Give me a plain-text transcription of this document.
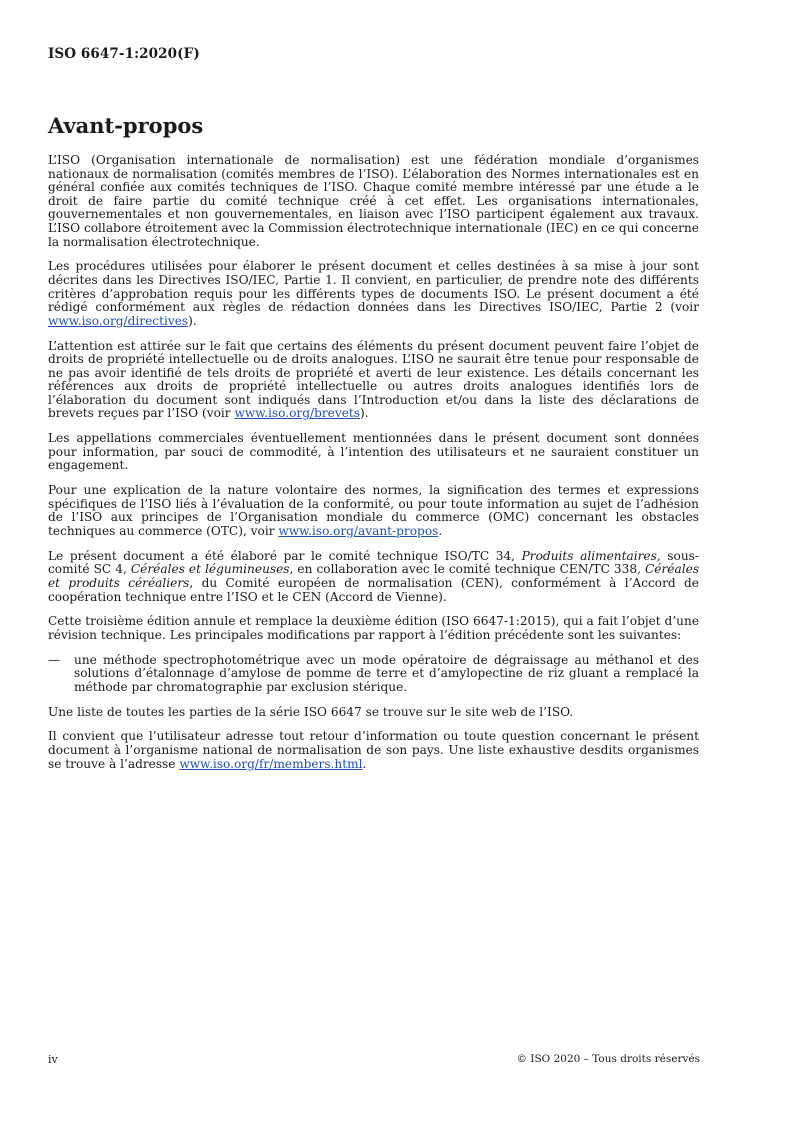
ISO 6647-1:2020(F)
Avant-propos

L’ISO (Organisation internationale de normalisation) est une fédération mondiale d’organismes nationaux de normalisation (comités membres de l’ISO). L’élaboration des Normes internationales est en général confiée aux comités techniques de l’ISO. Chaque comité membre intéressé par une étude a le droit de faire partie du comité technique créé à cet effet. Les organisations internationales, gouvernementales et non gouvernementales, en liaison avec l’ISO participent également aux travaux. L’ISO collabore étroitement avec la Commission électrotechnique internationale (IEC) en ce qui concerne la normalisation électrotechnique.

Les procédures utilisées pour élaborer le présent document et celles destinées à sa mise à jour sont décrites dans les Directives ISO/IEC, Partie 1. Il convient, en particulier, de prendre note des différents critères d’approbation requis pour les différents types de documents ISO. Le présent document a été rédigé conformément aux règles de rédaction données dans les Directives ISO/IEC, Partie 2 (voir www.iso.org/directives).

L’attention est attirée sur le fait que certains des éléments du présent document peuvent faire l’objet de droits de propriété intellectuelle ou de droits analogues. L’ISO ne saurait être tenue pour responsable de ne pas avoir identifié de tels droits de propriété et averti de leur existence. Les détails concernant les références aux droits de propriété intellectuelle ou autres droits analogues identifiés lors de l’élaboration du document sont indiqués dans l’Introduction et/ou dans la liste des déclarations de brevets reçues par l’ISO (voir www.iso.org/brevets).

Les appellations commerciales éventuellement mentionnées dans le présent document sont données pour information, par souci de commodité, à l’intention des utilisateurs et ne sauraient constituer un engagement.

Pour une explication de la nature volontaire des normes, la signification des termes et expressions spécifiques de l’ISO liés à l’évaluation de la conformité, ou pour toute information au sujet de l’adhésion de l’ISO aux principes de l’Organisation mondiale du commerce (OMC) concernant les obstacles techniques au commerce (OTC), voir www.iso.org/avant-propos.

Le présent document a été élaboré par le comité technique ISO/TC 34, Produits alimentaires, sous-comité SC 4, Céréales et légumineuses, en collaboration avec le comité technique CEN/TC 338, Céréales et produits céréaliers, du Comité européen de normalisation (CEN), conformément à l’Accord de coopération technique entre l’ISO et le CEN (Accord de Vienne).

Cette troisième édition annule et remplace la deuxième édition (ISO 6647-1:2015), qui a fait l’objet d’une révision technique. Les principales modifications par rapport à l’édition précédente sont les suivantes:

—	une méthode spectrophotométrique avec un mode opératoire de dégraissage au méthanol et des solutions d’étalonnage d’amylose de pomme de terre et d’amylopectine de riz gluant a remplacé la méthode par chromatographie par exclusion stérique.

Une liste de toutes les parties de la série ISO 6647 se trouve sur le site web de l’ISO.

Il convient que l’utilisateur adresse tout retour d’information ou toute question concernant le présent document à l’organisme national de normalisation de son pays. Une liste exhaustive desdits organismes se trouve à l’adresse www.iso.org/fr/members.html.

iv	© ISO 2020 – Tous droits réservés
